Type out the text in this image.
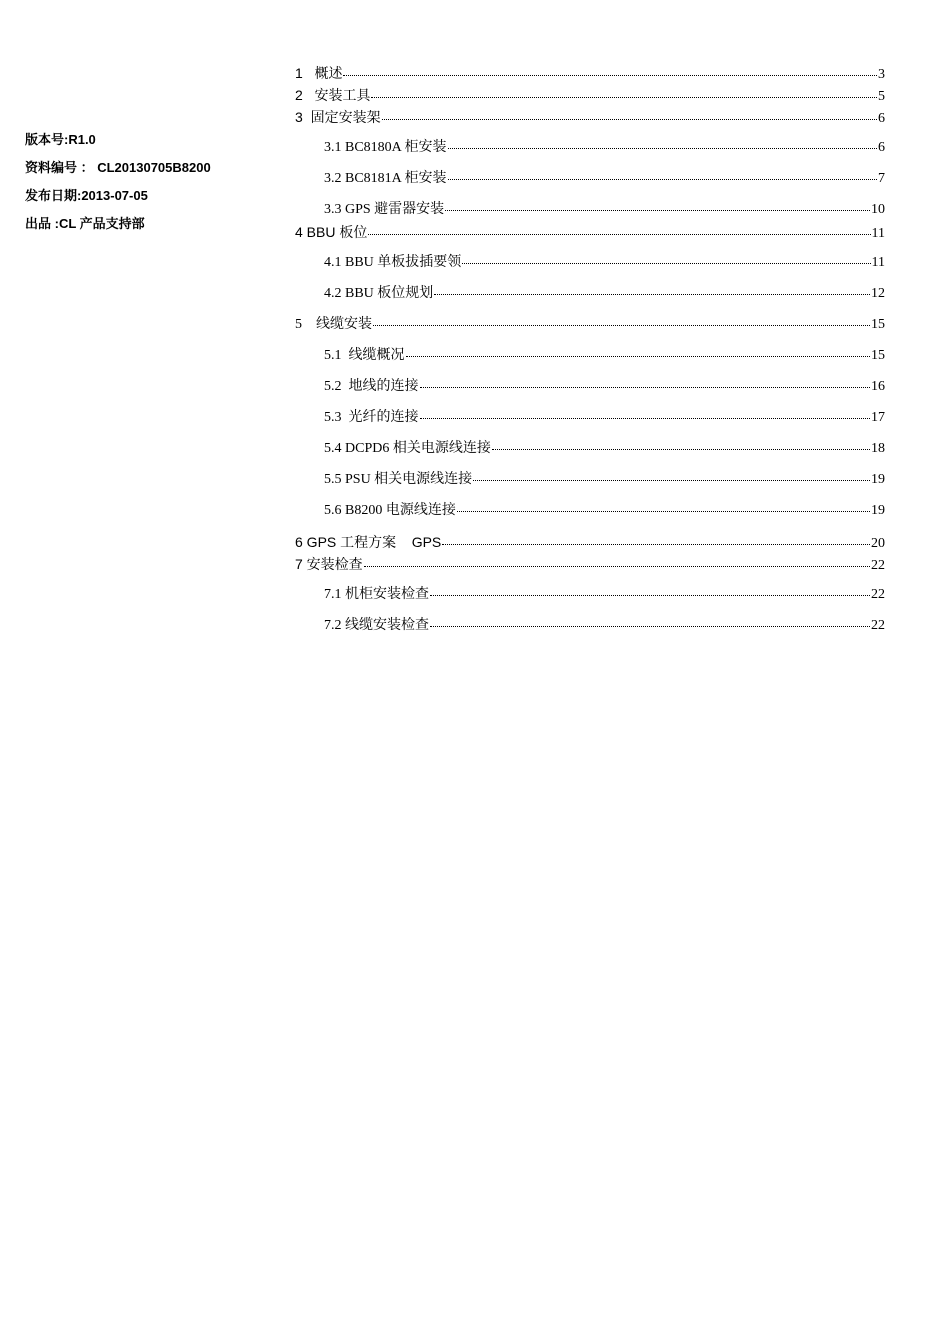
版本号:R1.0
资料编号 ： CL20130705B8200
发布日期:2013-07-05
出品 :CL 产品支持部
1   概述	3
2   安装工具	5
3  固定安装架	6
3.1 BC8180A 柜安装	6
3.2 BC8181A 柜安装	7
3.3 GPS 避雷器安装	10
4 BBU 板位	11
4.1 BBU 单板拔插要领	11
4.2 BBU 板位规划	12
5    线缆安装	15
5.1  线缆概况	15
5.2  地线的连接	16
5.3  光纤的连接	17
5.4 DCPD6 相关电源线连接	18
5.5 PSU 相关电源线连接	19
5.6 B8200 电源线连接	19
6 GPS 工程方案    GPS	20
7 安装检查	22
7.1 机柜安装检查	22
7.2 线缆安装检查	22
